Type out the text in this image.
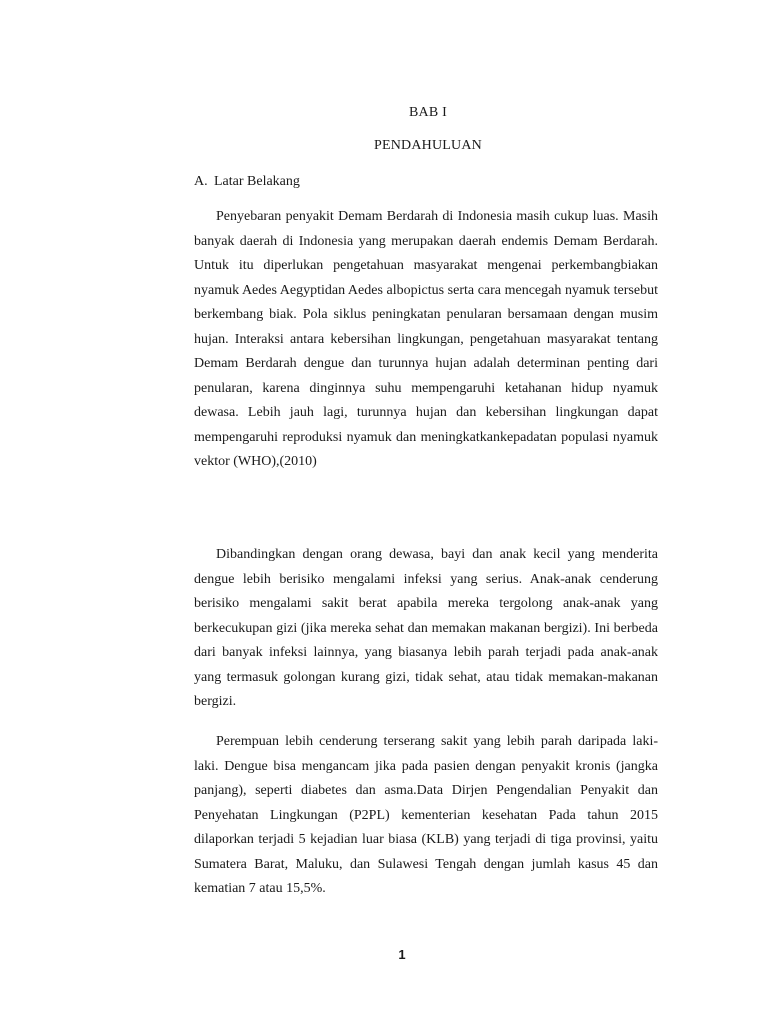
BAB I
PENDAHULUAN
A. Latar Belakang

Penyebaran penyakit Demam Berdarah di Indonesia masih cukup luas. Masih banyak daerah di Indonesia yang merupakan daerah endemis Demam Berdarah. Untuk itu diperlukan pengetahuan masyarakat mengenai perkembangbiakan nyamuk Aedes Aegyptidan Aedes albopictus serta cara mencegah nyamuk tersebut berkembang biak. Pola siklus peningkatan penularan bersamaan dengan musim hujan. Interaksi antara kebersihan lingkungan, pengetahuan masyarakat tentang Demam Berdarah dengue dan turunnya hujan adalah determinan penting dari penularan, karena dinginnya suhu mempengaruhi ketahanan hidup nyamuk dewasa. Lebih jauh lagi, turunnya hujan dan kebersihan lingkungan dapat mempengaruhi reproduksi nyamuk dan meningkatkankepadatan populasi nyamuk vektor (WHO),(2010)

Dibandingkan dengan orang dewasa, bayi dan anak kecil yang menderita dengue lebih berisiko mengalami infeksi yang serius. Anak-anak cenderung berisiko mengalami sakit berat apabila mereka tergolong anak-anak yang berkecukupan gizi (jika mereka sehat dan memakan makanan bergizi). Ini berbeda dari banyak infeksi lainnya, yang biasanya lebih parah terjadi pada anak-anak yang termasuk golongan kurang gizi, tidak sehat, atau tidak memakan-makanan bergizi.

Perempuan lebih cenderung terserang sakit yang lebih parah daripada laki-laki. Dengue bisa mengancam jika pada pasien dengan penyakit kronis (jangka panjang), seperti diabetes dan asma.Data Dirjen Pengendalian Penyakit dan Penyehatan Lingkungan (P2PL) kementerian kesehatan Pada tahun 2015 dilaporkan terjadi 5 kejadian luar biasa (KLB) yang terjadi di tiga provinsi, yaitu Sumatera Barat, Maluku, dan Sulawesi Tengah dengan jumlah kasus 45 dan kematian 7 atau 15,5%.

1
